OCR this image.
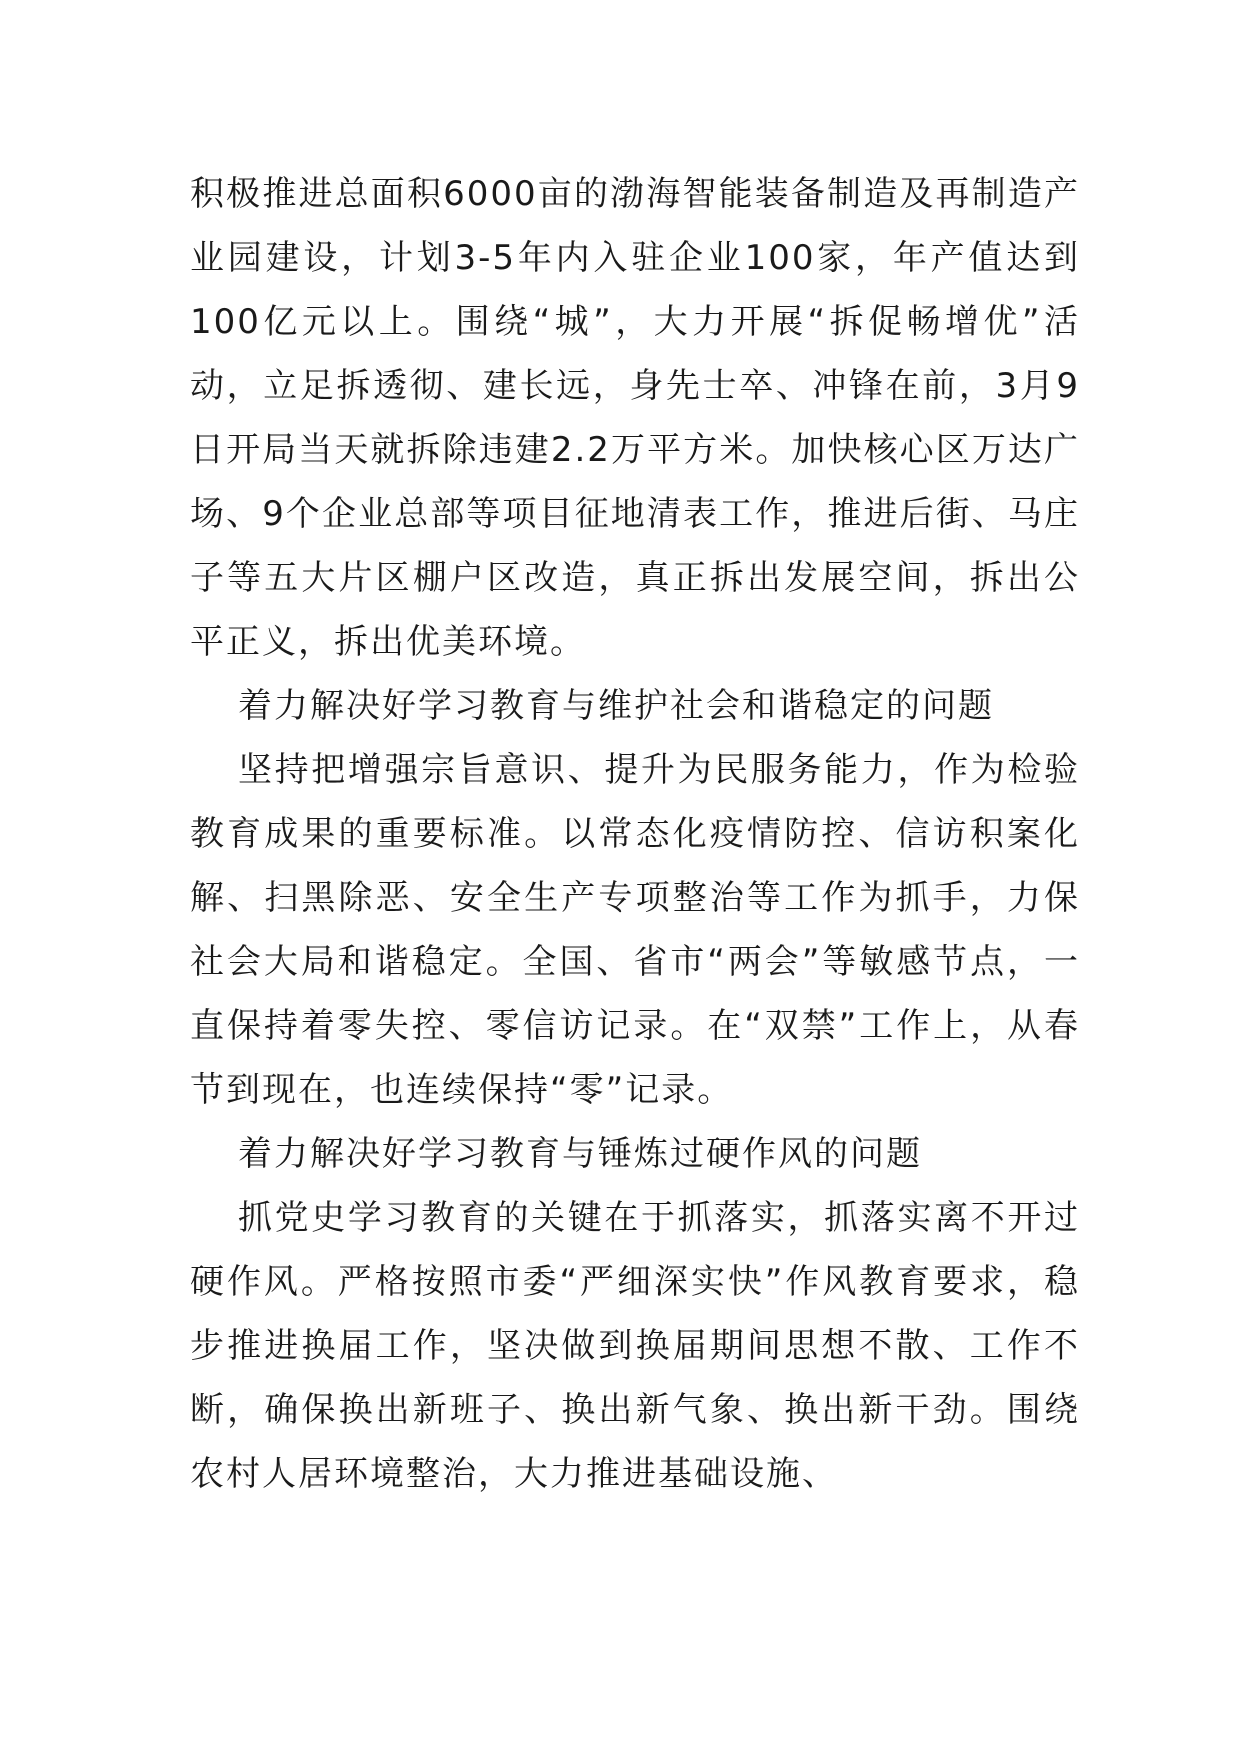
积极推进总面积6000亩的渤海智能装备制造及再制造产业园建设，计划3-5年内入驻企业100家，年产值达到100亿元以上。围绕“城”，大力开展“拆促畅增优”活动，立足拆透彻、建长远，身先士卒、冲锋在前，3月9日开局当天就拆除违建2.2万平方米。加快核心区万达广场、9个企业总部等项目征地清表工作，推进后街、马庄子等五大片区棚户区改造，真正拆出发展空间，拆出公平正义，拆出优美环境。

着力解决好学习教育与维护社会和谐稳定的问题

坚持把增强宗旨意识、提升为民服务能力，作为检验教育成果的重要标准。以常态化疫情防控、信访积案化解、扫黑除恶、安全生产专项整治等工作为抓手，力保社会大局和谐稳定。全国、省市“两会”等敏感节点，一直保持着零失控、零信访记录。在“双禁”工作上，从春节到现在，也连续保持“零”记录。

着力解决好学习教育与锤炼过硬作风的问题

抓党史学习教育的关键在于抓落实，抓落实离不开过硬作风。严格按照市委“严细深实快”作风教育要求，稳步推进换届工作，坚决做到换届期间思想不散、工作不断，确保换出新班子、换出新气象、换出新干劲。围绕农村人居环境整治，大力推进基础设施、
